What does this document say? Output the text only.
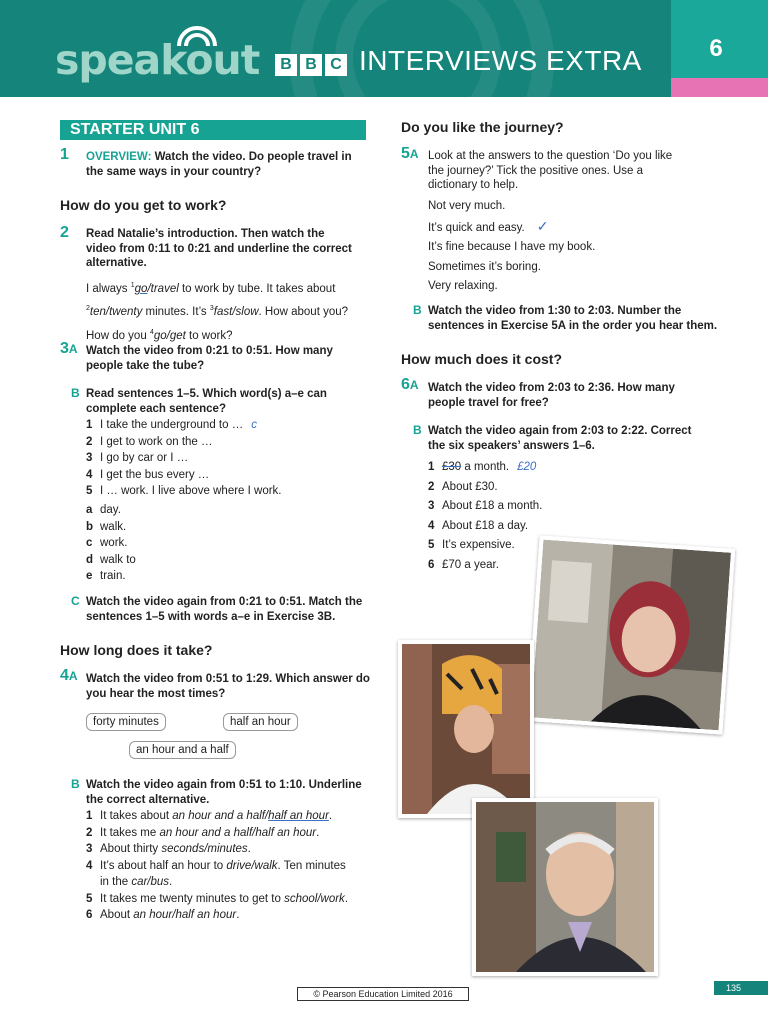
speakout	B B C INTERVIEWS EXTRA	6
STARTER UNIT 6
1 OVERVIEW: Watch the video. Do people travel in
the same ways in your country?
How do you get to work?
2 Read Natalie’s introduction. Then watch the
video from 0:11 to 0:21 and underline the correct
alternative.
I always $^1$go/travel to work by tube. It takes about
$^2$ten/twenty minutes. It’s $^3$fast/slow. How about you?
How do you $^4$go/get to work?
3A Watch the video from 0:21 to 0:51. How many
people take the tube?
B Read sentences 1–5. Which word(s) a–e can
complete each sentence?
1 I take the underground to … c
2 I get to work on the …
3 I go by car or I …
4 I get the bus every …
5 I … work. I live above where I work.
a day.
b walk.
c work.
d walk to
e train.
C Watch the video again from 0:21 to 0:51. Match the
sentences 1–5 with words a–e in Exercise 3B.
How long does it take?
4A Watch the video from 0:51 to 1:29. Which answer do
you hear the most times?
forty minutes	half an hour
an hour and a half
B Watch the video again from 0:51 to 1:10. Underline
the correct alternative.
1 It takes about an hour and a half/half an hour.
2 It takes me an hour and a half/half an hour.
3 About thirty seconds/minutes.
4 It’s about half an hour to drive/walk. Ten minutes
in the car/bus.
5 It takes me twenty minutes to get to school/work.
6 About an hour/half an hour.
Do you like the journey?
5A Look at the answers to the question ‘Do you like
the journey?’ Tick the positive ones. Use a
dictionary to help.
Not very much.
It’s quick and easy. ✓
It’s fine because I have my book.
Sometimes it’s boring.
Very relaxing.
B Watch the video from 1:30 to 2:03. Number the
sentences in Exercise 5A in the order you hear them.
How much does it cost?
6A Watch the video from 2:03 to 2:36. How many
people travel for free?
B Watch the video again from 2:03 to 2:22. Correct
the six speakers’ answers 1–6.
1 £30 a month. £20
2 About £30.
3 About £18 a month.
4 About £18 a day.
5 It’s expensive.
6 £70 a year.
© Pearson Education Limited 2016
135
